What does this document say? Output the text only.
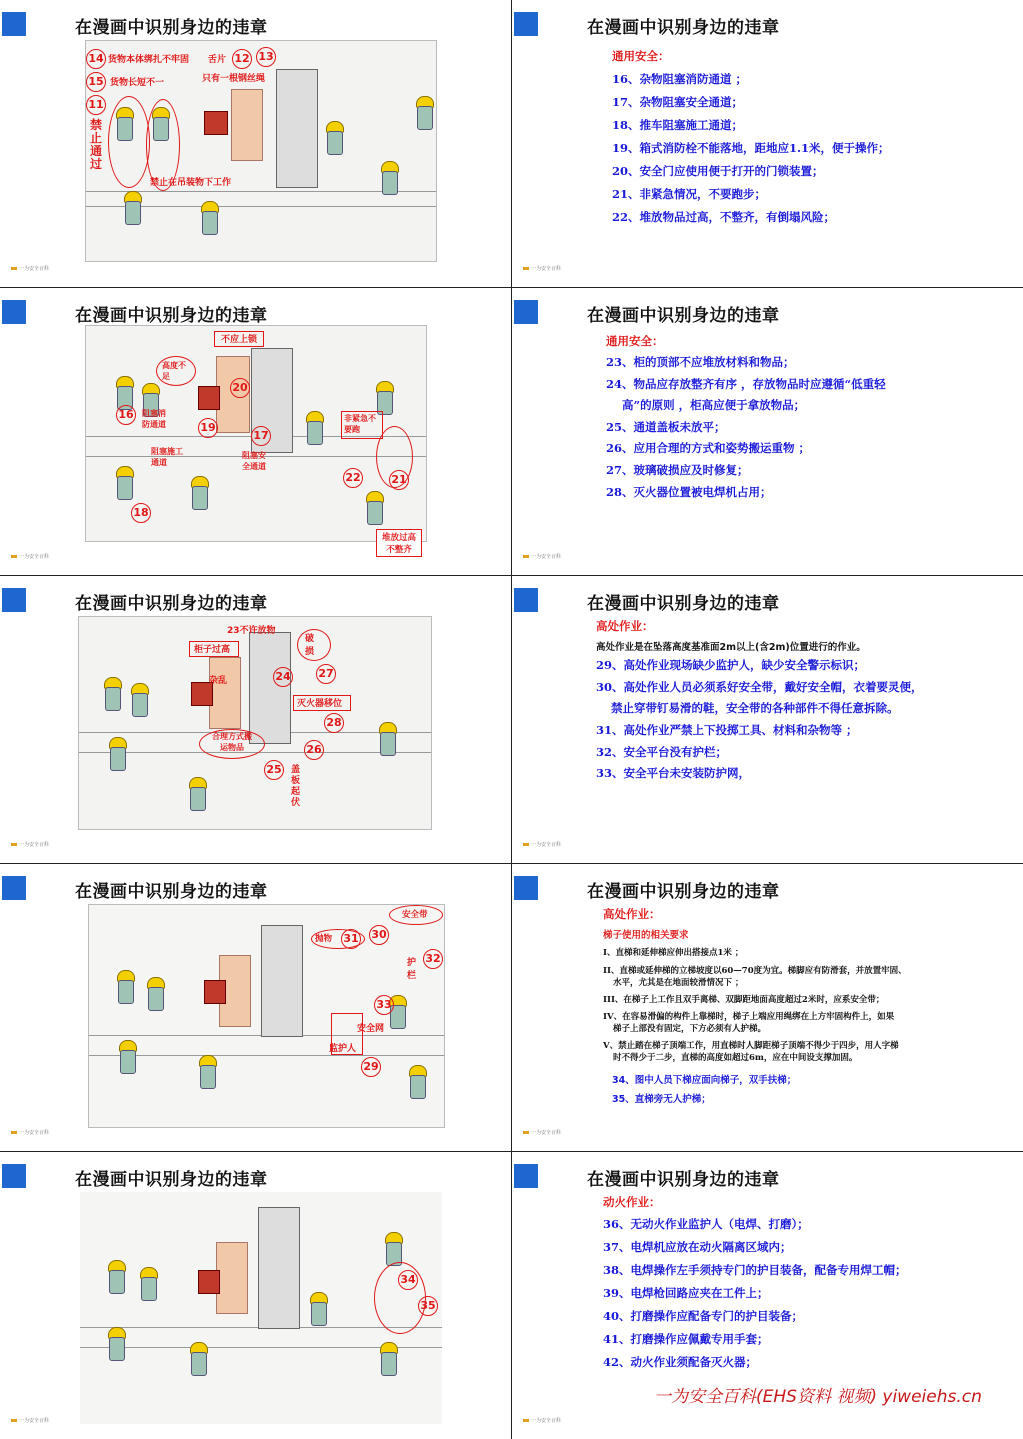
在漫画中识别身边的违章
14 货物本体绑扎不牢固 舌片 12 13
15	只有一根钢丝绳
货物长短不一
11
禁止通过
禁止在吊装物下工作
一为安全百科
在漫画中识别身边的违章
通用安全：
16、杂物阻塞消防通道 ；
17、杂物阻塞安全通道；
18、推车阻塞施工通道；
19、箱式消防栓不能落地，距地应1.1米，便于操作；
20、安全门应使用便于打开的门锁装置；
21、非紧急情况，不要跑步；
22、堆放物品过高，不整齐，有倒塌风险；
一为安全百科
在漫画中识别身边的违章
不应上锁
高度不足
20
16 阻塞消防通道	19
17
阻塞施工通道
阻塞安全通道
非紧急不要跑
22	21
18
堆放过高不整齐
一为安全百科
在漫画中识别身边的违章
通用安全：
23、柜的顶部不应堆放材料和物品；
24、物品应存放整齐有序 ，存放物品时应遵循“低重轻
高”的原则 ，柜高应便于拿放物品；
25、通道盖板未放平；
26、应用合理的方式和姿势搬运重物 ；
27、玻璃破损应及时修复；
28、灭火器位置被电焊机占用；
一为安全百科
在漫画中识别身边的违章
23不许放物
柜子过高
破损
杂乱	24	27
灭火器移位
28
合理方式搬运物品	26
25 盖板起伏
一为安全百科
在漫画中识别身边的违章
高处作业：
高处作业是在坠落高度基准面2m以上(含2m)位置进行的作业。
29、高处作业现场缺少监护人，缺少安全警示标识；
30、高处作业人员必须系好安全带，戴好安全帽，衣着要灵便，
禁止穿带钉易滑的鞋，安全带的各种部件不得任意拆除。
31、高处作业严禁上下投掷工具、材料和杂物等 ；
32、安全平台没有护栏；
33、安全平台未安装防护网，
一为安全百科
在漫画中识别身边的违章
抛物 31 30
安全带
护栏
32
33
安全网
监护人
29
一为安全百科
在漫画中识别身边的违章
高处作业：
梯子使用的相关要求
I、直梯和延伸梯应伸出搭接点1米 ；
II、直梯或延伸梯的立梯坡度以60—70度为宜。梯脚应有防滑套，并放置牢固、
水平，尤其是在地面较滑情况下 ；
III、在梯子上工作且双手离梯、双脚距地面高度超过2米时，应系安全带；
IV、在容易滑偏的构件上靠梯时，梯子上端应用绳绑在上方牢固构件上，如果
梯子上部没有固定，下方必须有人护梯。
V、禁止踏在梯子顶端工作，用直梯时人脚距梯子顶端不得少于四步，用人字梯
时不得少于二步，直梯的高度如超过6m，应在中间设支撑加固。
34、图中人员下梯应面向梯子，双手扶梯；
35、直梯旁无人护梯；
一为安全百科
在漫画中识别身边的违章
34
35
一为安全百科
在漫画中识别身边的违章
动火作业：
36、无动火作业监护人（电焊、打磨）；
37、电焊机应放在动火隔离区域内；
38、电焊操作左手须持专门的护目装备，配备专用焊工帽；
39、电焊枪回路应夹在工件上；
40、打磨操作应配备专门的护目装备；
41、打磨操作应佩戴专用手套；
42、动火作业须配备灭火器；
一为安全百科(EHS资料 视频) yiweiehs.cn
一为安全百科
